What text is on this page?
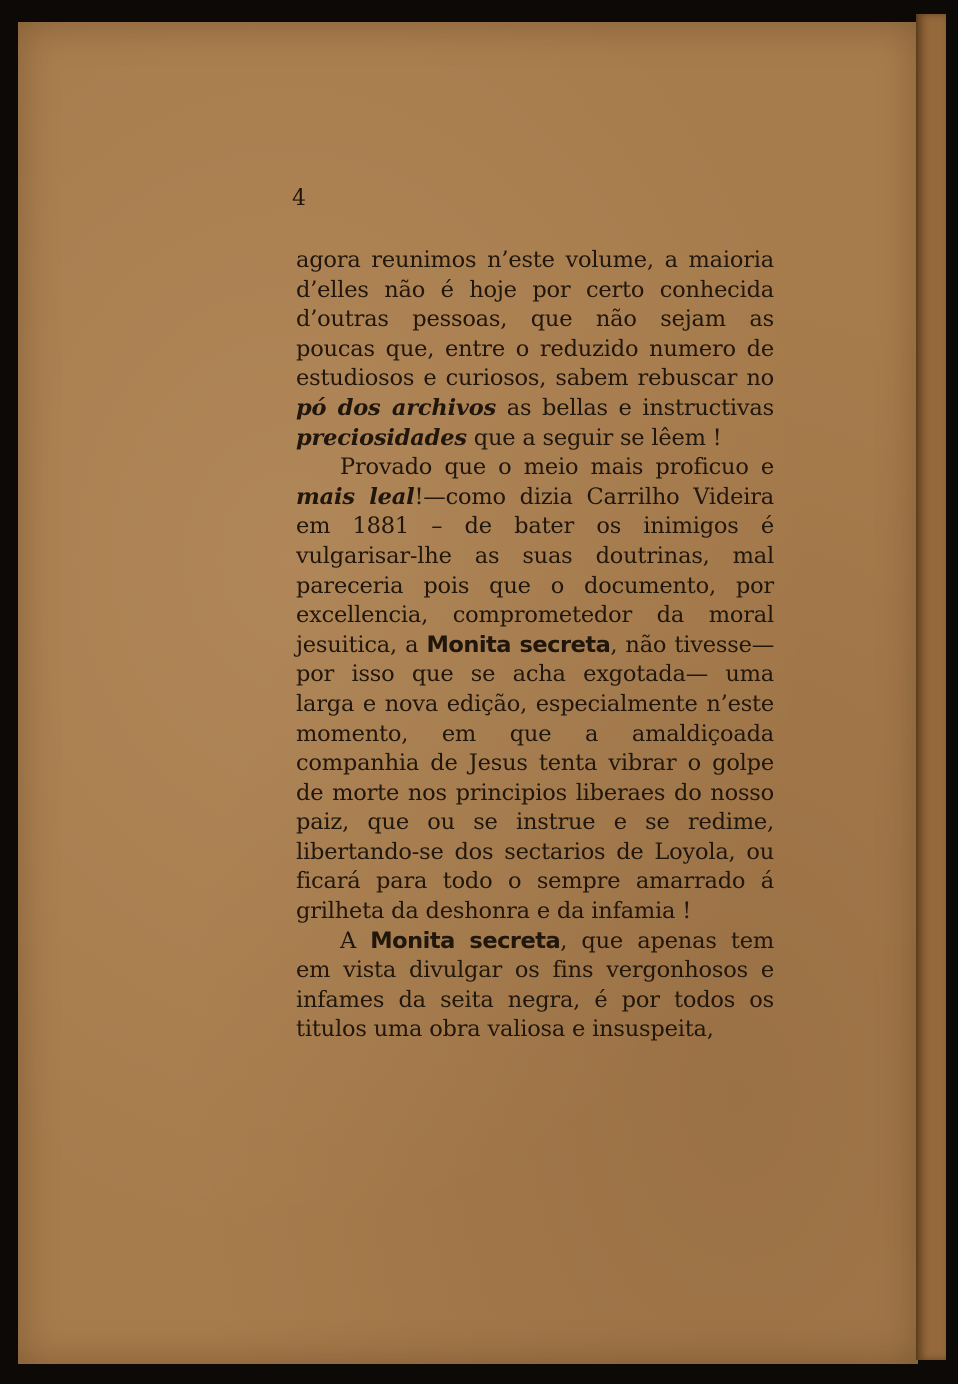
4

agora reunimos n’este volume, a maioria d’elles não é hoje por certo conhecida d’outras pessoas, que não sejam as poucas que, entre o reduzido numero de estudiosos e curiosos, sabem rebuscar no pó dos archivos as bellas e instructivas preciosidades que a seguir se lêem !

Provado que o meio mais proficuo e mais leal!—como dizia Carrilho Videira em 1881 – de bater os inimigos é vulgarisar-lhe as suas doutrinas, mal pareceria pois que o documento, por excellencia, comprometedor da moral jesuitica, a Monita secreta, não tivesse—por isso que se acha exgotada— uma larga e nova edição, especialmente n’este momento, em que a amaldiçoada companhia de Jesus tenta vibrar o golpe de morte nos principios liberaes do nosso paiz, que ou se instrue e se redime, libertando-se dos sectarios de Loyola, ou ficará para todo o sempre amarrado á grilheta da deshonra e da infamia !

A Monita secreta, que apenas tem em vista divulgar os fins vergonhosos e infames da seita negra, é por todos os titulos uma obra valiosa e insuspeita,
